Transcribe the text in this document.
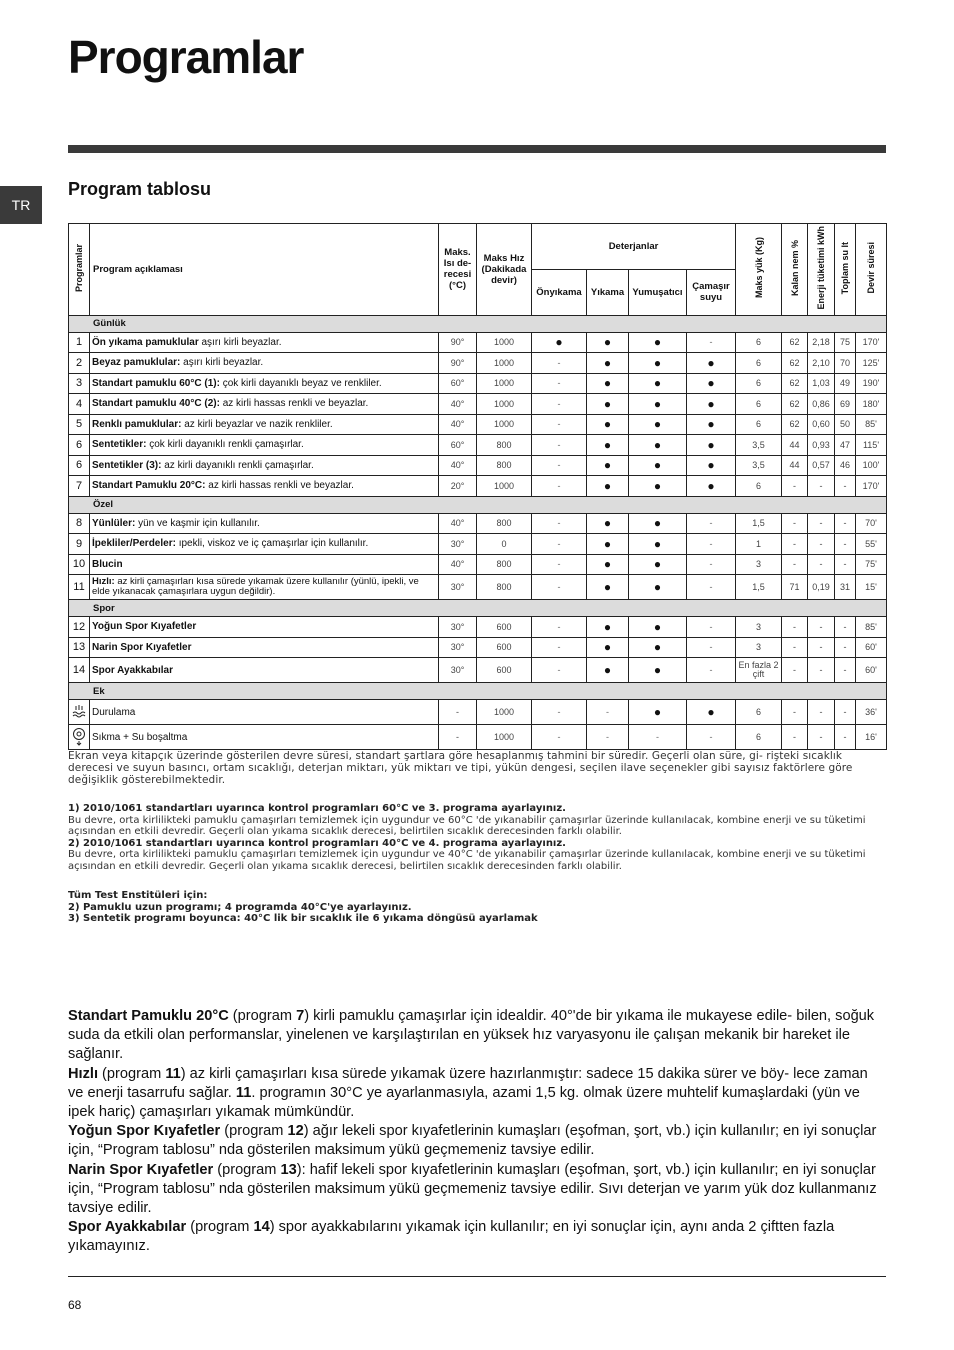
Programlar
TR
Program tablosu
Programlar	Program açıklaması	Maks. Isı de- recesi (°C)	Maks Hız (Dakikada devir)	Deterjanlar				Maks yük (Kg)	Kalan nem %	Enerji tüketimi kWh	Toplam su lt	Devir süresi
				Önyıkama	Yıkama	Yumuşatıcı	Çamaşır suyu					
Günlük												
1	Ön yıkama pamuklular aşırı kirli beyazlar.	90°	1000	●	●	●	-	6	62	2,18	75	170'
2	Beyaz pamuklular: aşırı kirli beyazlar.	90°	1000	-	●	●	●	6	62	2,10	70	125'
3	Standart pamuklu 60°C (1): çok kirli dayanıklı beyaz ve renkliler.	60°	1000	-	●	●	●	6	62	1,03	49	190'
4	Standart pamuklu 40°C (2): az kirli hassas renkli ve beyazlar.	40°	1000	-	●	●	●	6	62	0,86	69	180'
5	Renklı pamuklular: az kirli beyazlar ve nazik renkliler.	40°	1000	-	●	●	●	6	62	0,60	50	85'
6	Sentetikler: çok kirli dayanıklı renkli çamaşırlar.	60°	800	-	●	●	●	3,5	44	0,93	47	115'
6	Sentetikler (3): az kirli dayanıklı renkli çamaşırlar.	40°	800	-	●	●	●	3,5	44	0,57	46	100'
7	Standart Pamuklu 20°C: az kirli hassas renkli ve beyazlar.	20°	1000	-	●	●	●	6	-	-	-	170'
Özel												
8	Yünlüler: yün ve kaşmir için kullanılır.	40°	800	-	●	●	-	1,5	-	-	-	70'
9	İpekliler/Perdeler: ıpekli, viskoz ve iç çamaşırlar için kullanılır.	30°	0	-	●	●	-	1	-	-	-	55'
10	Blucin	40°	800	-	●	●	-	3	-	-	-	75'
11	Hızlı: az kirli çamaşırları kısa sürede yıkamak üzere kullanılır (yünlü, ipekli, ve elde yıkanacak çamaşırlara uygun değildir).	30°	800	-	●	●	-	1,5	71	0,19	31	15'
Spor												
12	Yoğun Spor Kıyafetler	30°	600	-	●	●	-	3	-	-	-	85'
13	Narin Spor Kıyafetler	30°	600	-	●	●	-	3	-	-	-	60'
14	Spor Ayakkabılar	30°	600	-	●	●	-	En fazla 2 çift	-	-	-	60'
Ek												

	Durulama	-	1000	-	-	●	●	6	-	-	-	36'

	Sıkma + Su boşaltma	-	1000	-	-	-	-	6	-	-	-	16'
Ekran veya kitapçık üzerinde gösterilen devre süresi, standart şartlara göre hesaplanmış tahmini bir süredir. Geçerli olan süre, gi- rişteki sıcaklık derecesi ve suyun basıncı, ortam sıcaklığı, deterjan miktarı, yük miktarı ve tipi, yükün dengesi, seçilen ilave seçenekler gibi sayısız faktörlere göre değişiklik gösterebilmektedir.
1) 2010/1061 standartları uyarınca kontrol programları 60°C ve 3. programa ayarlayınız.
Bu devre, orta kirlilikteki pamuklu çamaşırları temizlemek için uygundur ve 60°C 'de yıkanabilir çamaşırlar üzerinde kullanılacak, kombine enerji ve su tüketimi açısından en etkili devredir. Geçerli olan yıkama sıcaklık derecesi, belirtilen sıcaklık derecesinden farklı olabilir.
2) 2010/1061 standartları uyarınca kontrol programları 40°C ve 4. programa ayarlayınız.
Bu devre, orta kirlilikteki pamuklu çamaşırları temizlemek için uygundur ve 40°C 'de yıkanabilir çamaşırlar üzerinde kullanılacak, kombine enerji ve su tüketimi açısından en etkili devredir. Geçerli olan yıkama sıcaklık derecesi, belirtilen sıcaklık derecesinden farklı olabilir.
Tüm Test Enstitüleri için:
2) Pamuklu uzun programı; 4 programda 40°C'ye ayarlayınız.
3) Sentetik programı boyunca: 40°C lik bir sıcaklık ile 6 yıkama döngüsü ayarlamak

Standart Pamuklu 20°C (program 7) kirli pamuklu çamaşırlar için idealdir. 40°'de bir yıkama ile mukayese edile- bilen, soğuk suda da etkili olan performanslar, yinelenen ve karşılaştırılan en yüksek hız varyasyonu ile çalışan mekanik bir hareket ile sağlanır.

Hızlı (program 11) az kirli çamaşırları kısa sürede yıkamak üzere hazırlanmıştır: sadece 15 dakika sürer ve böy- lece zaman ve enerji tasarrufu sağlar. 11. programın 30°C ye ayarlanmasıyla, azami 1,5 kg. olmak üzere muhtelif kumaşlardaki (yün ve ipek hariç) çamaşırları yıkamak mümkündür.

Yoğun Spor Kıyafetler (program 12) ağır lekeli spor kıyafetlerinin kumaşları (eşofman, şort, vb.) için kullanılır; en iyi sonuçlar için, “Program tablosu” nda gösterilen maksimum yükü geçmemeniz tavsiye edilir.

Narin Spor Kıyafetler (program 13): hafif lekeli spor kıyafetlerinin kumaşları (eşofman, şort, vb.) için kullanılır; en iyi sonuçlar için, “Program tablosu” nda gösterilen maksimum yükü geçmemeniz tavsiye edilir. Sıvı deterjan ve yarım yük doz kullanmanız tavsiye edilir.

Spor Ayakkabılar (program 14) spor ayakkabılarını yıkamak için kullanılır; en iyi sonuçlar için, aynı anda 2 çiftten fazla yıkamayınız.

68
